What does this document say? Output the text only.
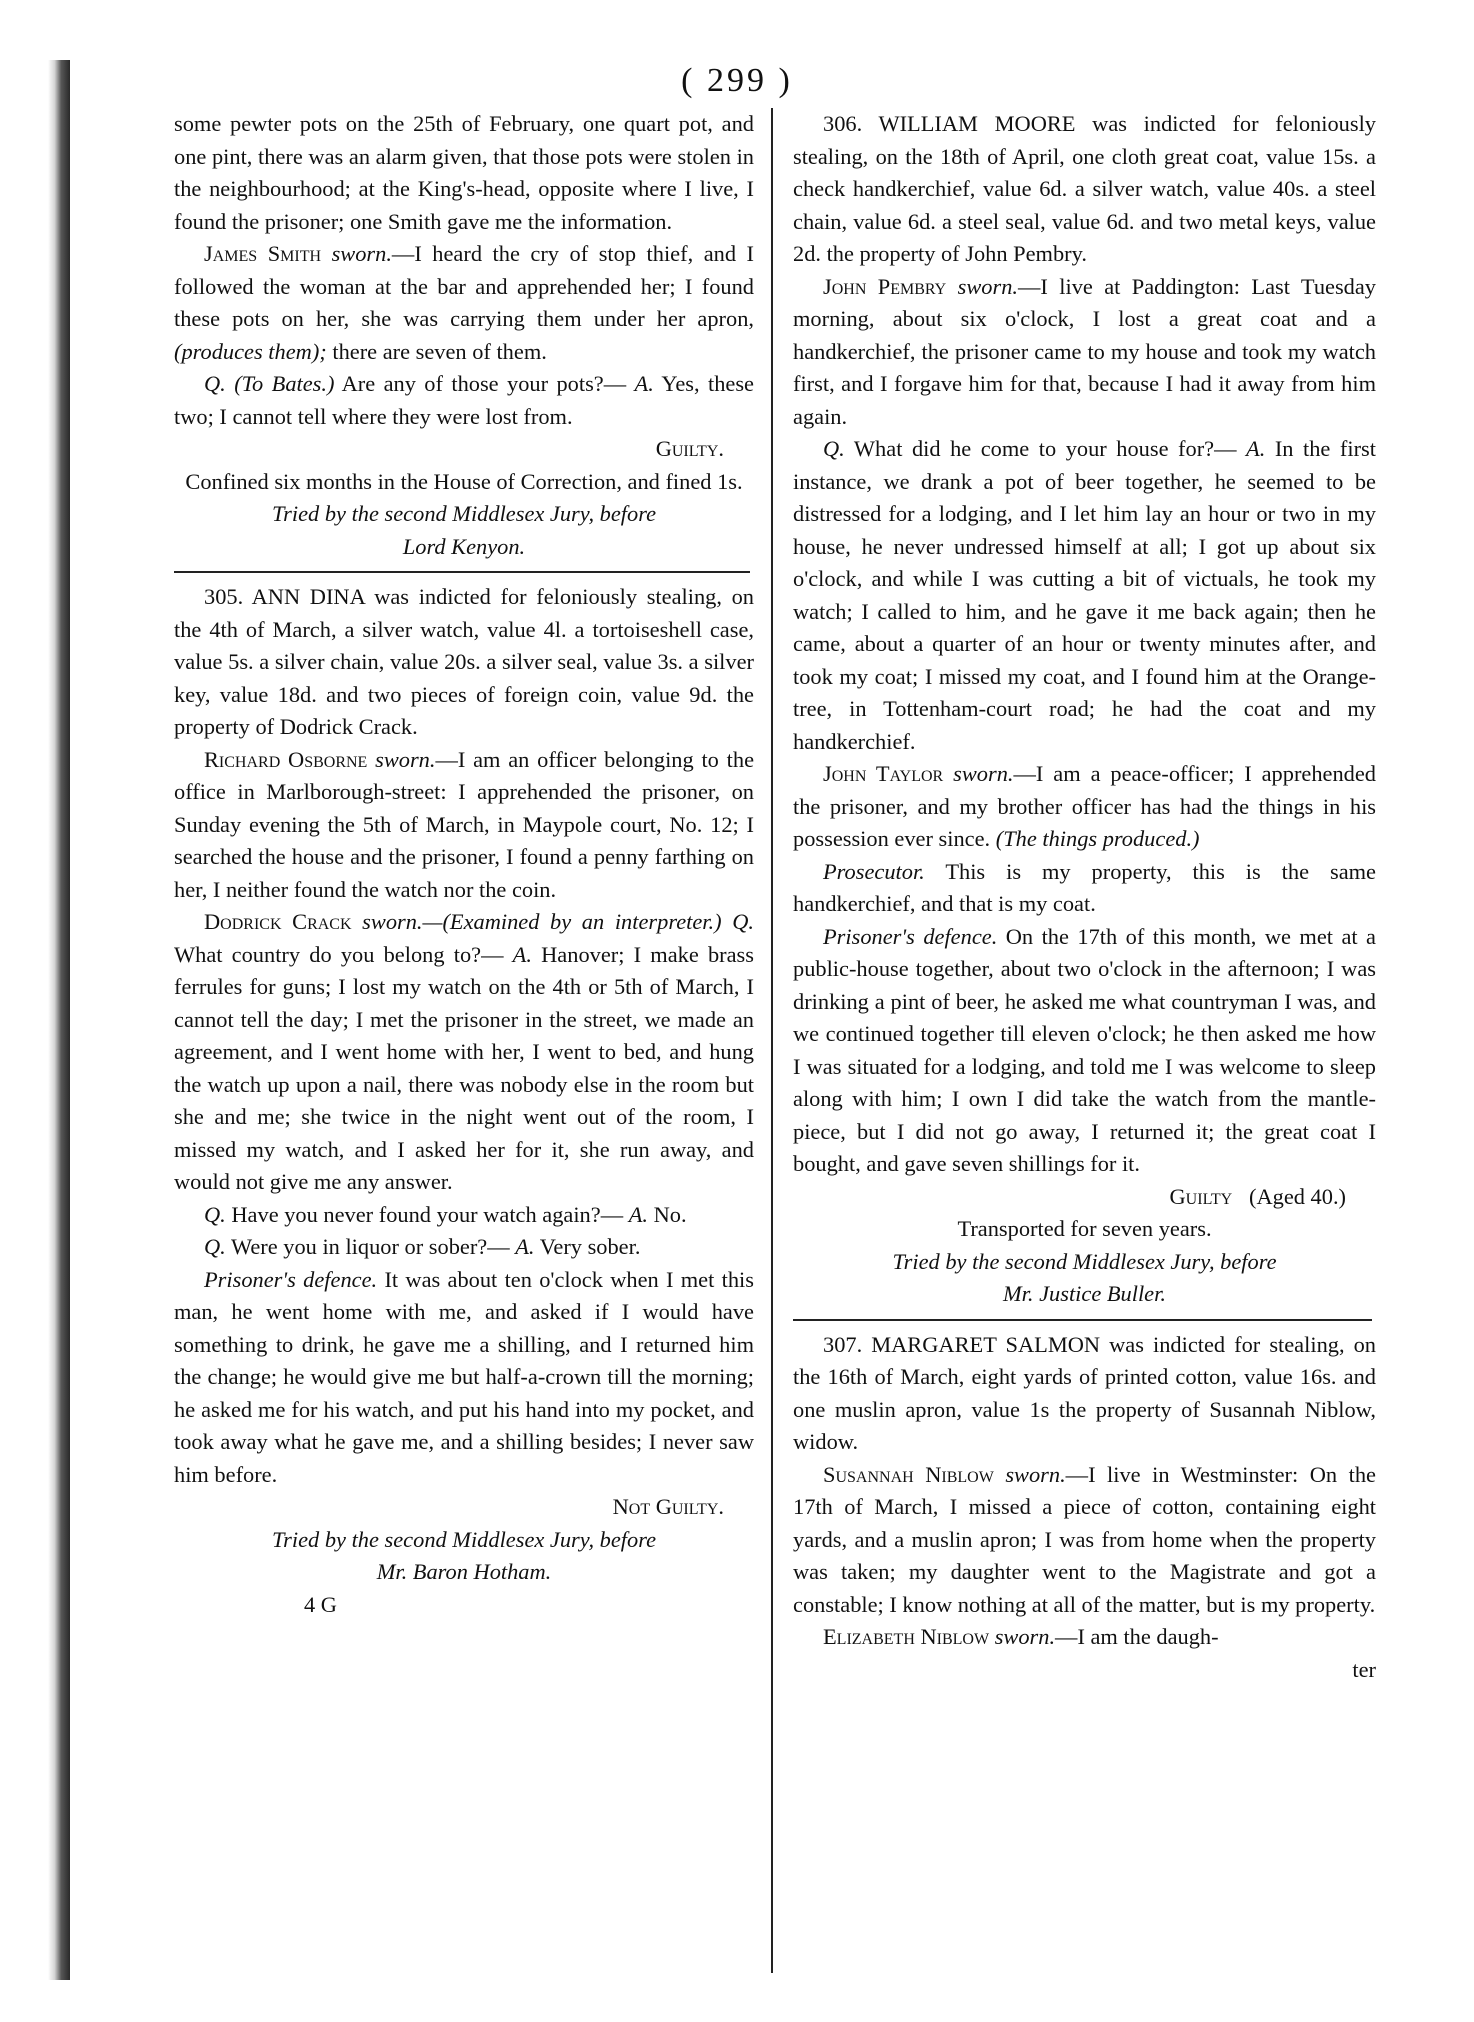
( 299 )

some pewter pots on the 25th of February, one quart pot, and one pint, there was an alarm given, that those pots were stolen in the neighbourhood; at the King's-head, opposite where I live, I found the prisoner; one Smith gave me the information.

James Smith sworn.—I heard the cry of stop thief, and I followed the woman at the bar and apprehended her; I found these pots on her, she was carrying them under her apron, (produces them); there are seven of them.

Q. (To Bates.) Are any of those your pots?— A. Yes, these two; I cannot tell where they were lost from.

Guilty.

Confined six months in the House of Correction, and fined 1s.

Tried by the second Middlesex Jury, before

Lord Kenyon.

305. ANN DINA was indicted for feloniously stealing, on the 4th of March, a silver watch, value 4l. a tortoiseshell case, value 5s. a silver chain, value 20s. a silver seal, value 3s. a silver key, value 18d. and two pieces of foreign coin, value 9d. the property of Dodrick Crack.

Richard Osborne sworn.—I am an officer belonging to the office in Marlborough-street: I apprehended the prisoner, on Sunday evening the 5th of March, in Maypole court, No. 12; I searched the house and the prisoner, I found a penny farthing on her, I neither found the watch nor the coin.

Dodrick Crack sworn.—(Examined by an interpreter.) Q. What country do you belong to?— A. Hanover; I make brass ferrules for guns; I lost my watch on the 4th or 5th of March, I cannot tell the day; I met the prisoner in the street, we made an agreement, and I went home with her, I went to bed, and hung the watch up upon a nail, there was nobody else in the room but she and me; she twice in the night went out of the room, I missed my watch, and I asked her for it, she run away, and would not give me any answer.

Q. Have you never found your watch again?— A. No.

Q. Were you in liquor or sober?— A. Very sober.

Prisoner's defence. It was about ten o'clock when I met this man, he went home with me, and asked if I would have something to drink, he gave me a shilling, and I returned him the change; he would give me but half-a-crown till the morning; he asked me for his watch, and put his hand into my pocket, and took away what he gave me, and a shilling besides; I never saw him before.

Not Guilty.

Tried by the second Middlesex Jury, before

Mr. Baron Hotham.

4 G

306. WILLIAM MOORE was indicted for feloniously stealing, on the 18th of April, one cloth great coat, value 15s. a check handkerchief, value 6d. a silver watch, value 40s. a steel chain, value 6d. a steel seal, value 6d. and two metal keys, value 2d. the property of John Pembry.

John Pembry sworn.—I live at Paddington: Last Tuesday morning, about six o'clock, I lost a great coat and a handkerchief, the prisoner came to my house and took my watch first, and I forgave him for that, because I had it away from him again.

Q. What did he come to your house for?— A. In the first instance, we drank a pot of beer together, he seemed to be distressed for a lodging, and I let him lay an hour or two in my house, he never undressed himself at all; I got up about six o'clock, and while I was cutting a bit of victuals, he took my watch; I called to him, and he gave it me back again; then he came, about a quarter of an hour or twenty minutes after, and took my coat; I missed my coat, and I found him at the Orange-tree, in Tottenham-court road; he had the coat and my handkerchief.

John Taylor sworn.—I am a peace-officer; I apprehended the prisoner, and my brother officer has had the things in his possession ever since. (The things produced.)

Prosecutor. This is my property, this is the same handkerchief, and that is my coat.

Prisoner's defence. On the 17th of this month, we met at a public-house together, about two o'clock in the afternoon; I was drinking a pint of beer, he asked me what countryman I was, and we continued together till eleven o'clock; he then asked me how I was situated for a lodging, and told me I was welcome to sleep along with him; I own I did take the watch from the mantle-piece, but I did not go away, I returned it; the great coat I bought, and gave seven shillings for it.

Guilty (Aged 40.)

Transported for seven years.

Tried by the second Middlesex Jury, before

Mr. Justice Buller.

307. MARGARET SALMON was indicted for stealing, on the 16th of March, eight yards of printed cotton, value 16s. and one muslin apron, value 1s the property of Susannah Niblow, widow.

Susannah Niblow sworn.—I live in Westminster: On the 17th of March, I missed a piece of cotton, containing eight yards, and a muslin apron; I was from home when the property was taken; my daughter went to the Magistrate and got a constable; I know nothing at all of the matter, but is my property.

Elizabeth Niblow sworn.—I am the daugh-

ter
